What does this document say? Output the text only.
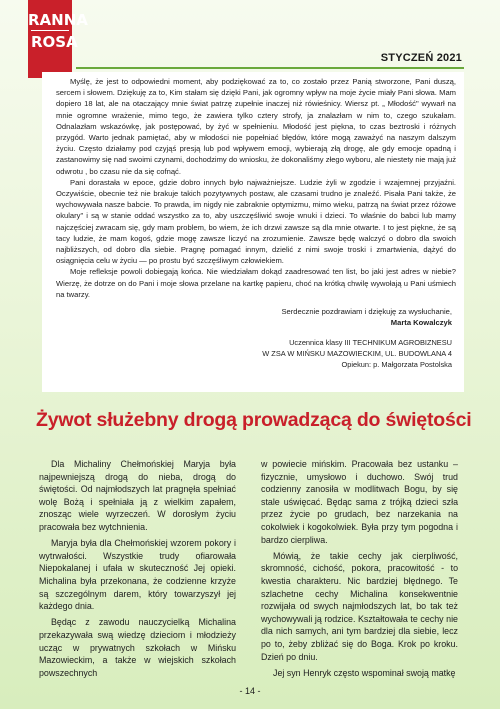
RANNA
ROSA
STYCZEŃ 2021

Myślę, że jest to odpowiedni moment, aby podziękować za to, co zostało przez Panią stworzone, Pani duszą, sercem i słowem. Dziękuję za to, Kim stałam się dzięki Pani, jak ogromny wpływ na moje życie miały Pani słowa. Mam dopiero 18 lat, ale na otaczający mnie świat patrzę zupełnie inaczej niż rówieśnicy. Wiersz pt. „ Młodość" wywarł na mnie ogromne wrażenie, mimo tego, że zawiera tylko cztery strofy, ja znalazłam w nim to, czego szukałam. Odnalazłam wskazówkę, jak postępować, by żyć w spełnieniu. Młodość jest piękna, to czas beztroski i różnych przygód. Warto jednak pamiętać, aby w młodości nie popełniać błędów, które mogą zaważyć na naszym dalszym życiu. Często działamy pod czyjąś presją lub pod wpływem emocji, wybierają złą drogę, ale gdy emocje opadną i zastanowimy się nad swoimi czynami, dochodzimy do wniosku, że dokonaliśmy złego wyboru, ale niestety nie mają już odwrotu , bo czasu nie da się cofnąć.

Pani dorastała w epoce, gdzie dobro innych było najważniejsze. Ludzie żyli w zgodzie i wzajemnej przyjaźni. Oczywiście, obecnie też nie brakuje takich pozytywnych postaw, ale czasami trudno je znaleźć. Pisała Pani także, że wychowywała nasze babcie. To prawda, im nigdy nie zabraknie optymizmu, mimo wieku, patrzą na świat przez różowe okulary" i są w stanie oddać wszystko za to, aby uszczęśliwić swoje wnuki i dzieci. To właśnie do babci lub mamy najczęściej zwracam się, gdy mam problem, bo wiem, że ich drzwi zawsze są dla mnie otwarte. I to jest piękne, że są tacy ludzie, że mam kogoś, gdzie mogę zawsze liczyć na zrozumienie. Zawsze będę walczyć o dobro dla swoich najbliższych, od dobro dla siebie. Pragnę pomagać innym, dzielić z nimi swoje troski i zmartwienia, dążyć do osiągnięcia celu w życiu — po prostu być szczęśliwym człowiekiem.

Moje refleksje powoli dobiegają końca. Nie wiedziałam dokąd zaadresować ten list, bo jaki jest adres w niebie? Wierzę, że dotrze on do Pani i moje słowa przelane na kartkę papieru, choć na krótką chwilę wywołają u Pani uśmiech na twarzy.

Serdecznie pozdrawiam i dziękuję za wysłuchanie,
Marta Kowalczyk
Uczennica klasy III TECHNIKUM AGROBIZNESU
W ZSA W MIŃSKU MAZOWIECKIM, UL. BUDOWLANA 4
Opiekun: p. Małgorzata Postolska
Żywot służebny drogą prowadzącą do świętości

Dla Michaliny Chełmońskiej Maryja była najpewniejszą drogą do nieba, drogą do świętości. Od najmłodszych lat pragnęła spełniać wolę Bożą i spełniała ją z wielkim zapałem, znosząc wiele wyrzeczeń. W dorosłym życiu pracowała bez wytchnienia.

Maryja była dla Chełmońskiej wzorem pokory i wytrwałości. Wszystkie trudy ofiarowała Niepokalanej i ufała w skuteczność Jej opieki. Michalina była przekonana, że codzienne krzyże są szczególnym darem, który towarzyszył jej każdego dnia.

Będąc z zawodu nauczycielką Michalina przekazywała swą wiedzę dzieciom i młodzieży ucząc w prywatnych szkołach w Mińsku Mazowieckim, a także w wiejskich szkołach powszechnych

w powiecie mińskim. Pracowała bez ustanku – fizycznie, umysłowo i duchowo. Swój trud codzienny zanosiła w modlitwach Bogu, by się stale uświęcać. Będąc sama z trójką dzieci szła przez życie po grudach, bez narzekania na cokolwiek i kogokolwiek. Była przy tym pogodna i bardzo cierpliwa.

Mówią, że takie cechy jak cierpliwość, skromność, cichość, pokora, pracowitość - to kwestia charakteru. Nic bardziej błędnego. Te szlachetne cechy Michalina konsekwentnie rozwijała od swych najmłodszych lat, bo tak też wychowywali ją rodzice. Kształtowała te cechy nie dla nich samych, ani tym bardziej dla siebie, lecz po to, żeby zbliżać się do Boga. Krok po kroku. Dzień po dniu.

Jej syn Henryk często wspominał swoją matkę

- 14 -
